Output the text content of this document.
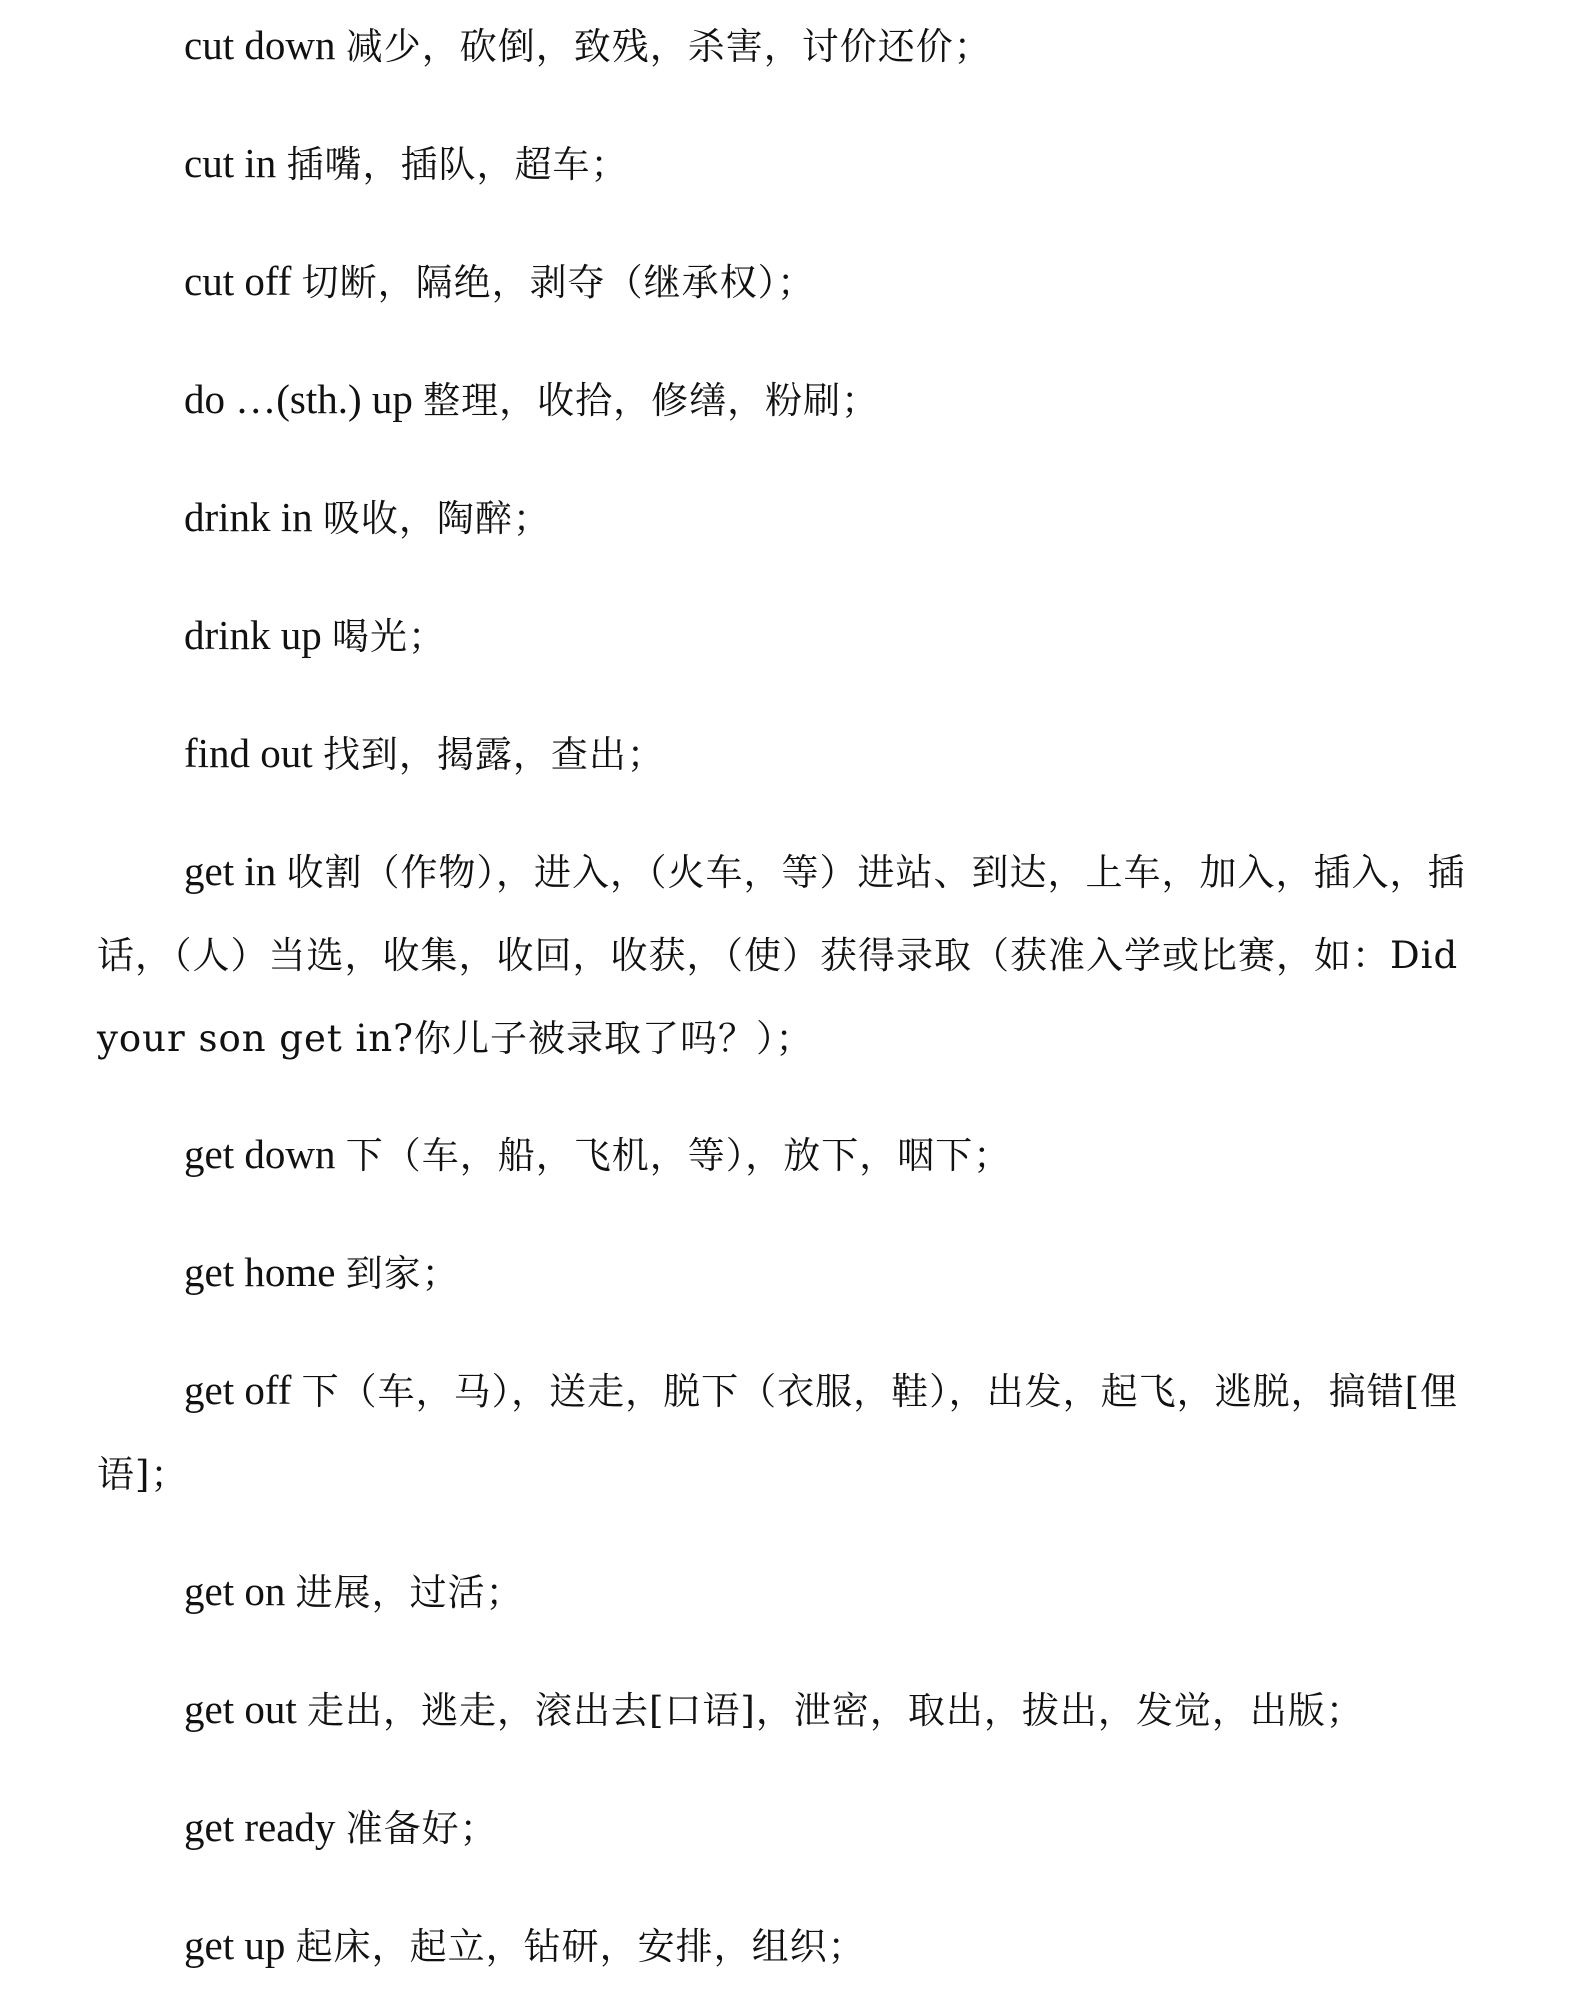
cut down 减少，砍倒，致残，杀害，讨价还价；

cut in 插嘴，插队，超车；

cut off 切断，隔绝，剥夺（继承权）；

do …(sth.) up 整理，收拾，修缮，粉刷；

drink in 吸收，陶醉；

drink up 喝光；

find out 找到，揭露，查出；

get in 收割（作物），进入，（火车，等）进站、到达，上车，加入，插入，插话，（人）当选，收集，收回，收获，（使）获得录取（获准入学或比赛，如：Did your son get in?你儿子被录取了吗？）；

get down 下（车，船，飞机，等），放下，咽下；

get home 到家；

get off 下（车，马），送走，脱下（衣服，鞋），出发，起飞，逃脱，搞错[俚语]；

get on 进展，过活；

get out 走出，逃走，滚出去[口语]，泄密，取出，拔出，发觉，出版；

get ready 准备好；

get up 起床，起立，钻研，安排，组织；
